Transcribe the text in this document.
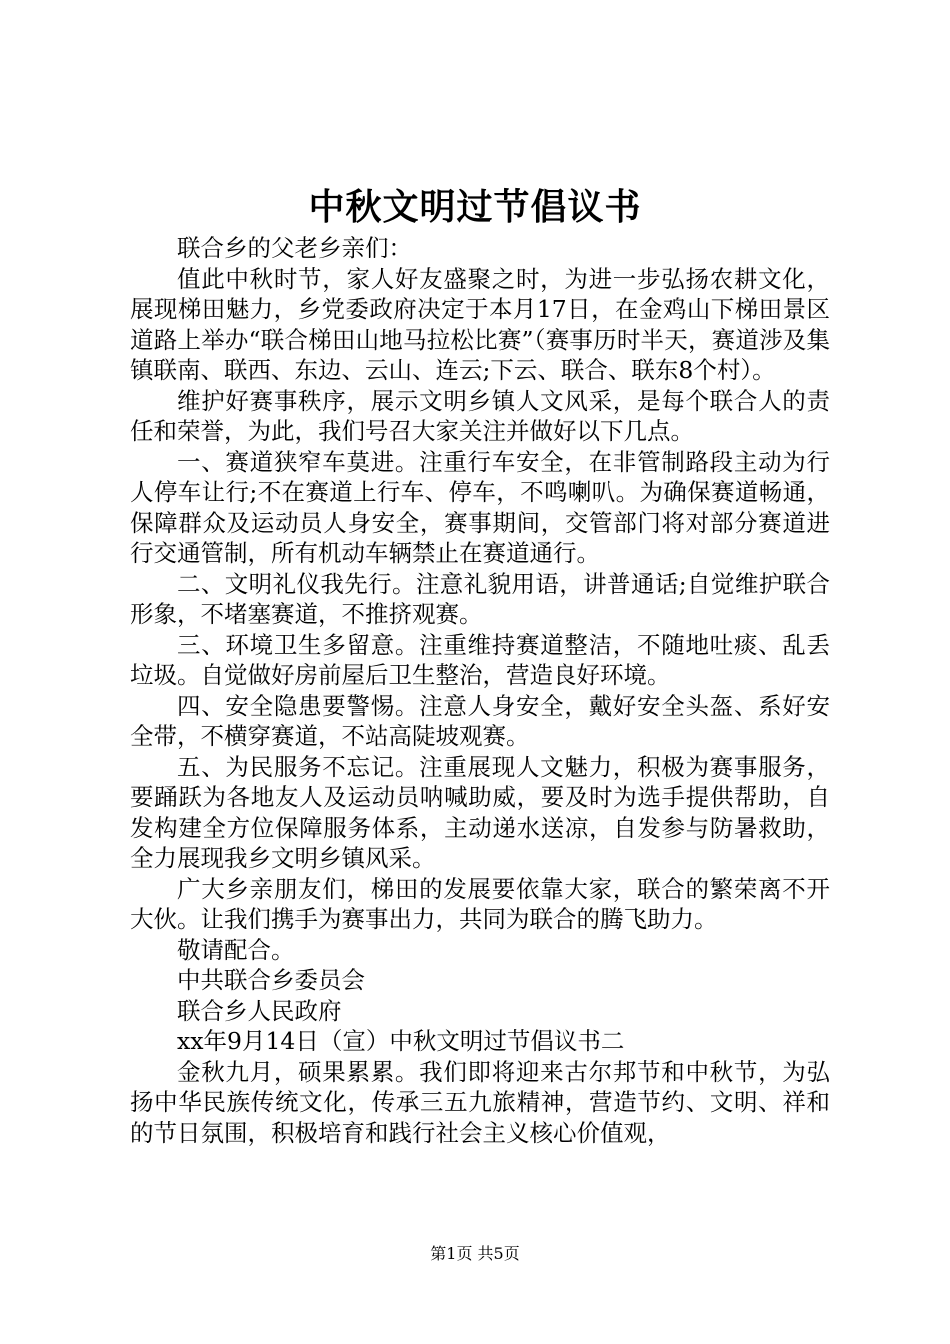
中秋文明过节倡议书

联合乡的父老乡亲们：

值此中秋时节，家人好友盛聚之时，为进一步弘扬农耕文化，展现梯田魅力，乡党委政府决定于本月17日，在金鸡山下梯田景区道路上举办“联合梯田山地马拉松比赛”（赛事历时半天，赛道涉及集镇联南、联西、东边、云山、连云;下云、联合、联东8个村）。

维护好赛事秩序，展示文明乡镇人文风采，是每个联合人的责任和荣誉，为此，我们号召大家关注并做好以下几点。

一、赛道狭窄车莫进。注重行车安全，在非管制路段主动为行人停车让行;不在赛道上行车、停车，不鸣喇叭。为确保赛道畅通，保障群众及运动员人身安全，赛事期间，交管部门将对部分赛道进行交通管制，所有机动车辆禁止在赛道通行。

二、文明礼仪我先行。注意礼貌用语，讲普通话;自觉维护联合形象，不堵塞赛道，不推挤观赛。

三、环境卫生多留意。注重维持赛道整洁，不随地吐痰、乱丢垃圾。自觉做好房前屋后卫生整治，营造良好环境。

四、安全隐患要警惕。注意人身安全，戴好安全头盔、系好安全带，不横穿赛道，不站高陡坡观赛。

五、为民服务不忘记。注重展现人文魅力，积极为赛事服务，要踊跃为各地友人及运动员呐喊助威，要及时为选手提供帮助，自发构建全方位保障服务体系，主动递水送凉，自发参与防暑救助，全力展现我乡文明乡镇风采。

广大乡亲朋友们，梯田的发展要依靠大家，联合的繁荣离不开大伙。让我们携手为赛事出力，共同为联合的腾飞助力。

敬请配合。

中共联合乡委员会

联合乡人民政府

xx年9月14日（宣）中秋文明过节倡议书二

金秋九月，硕果累累。我们即将迎来古尔邦节和中秋节，为弘扬中华民族传统文化，传承三五九旅精神，营造节约、文明、祥和的节日氛围，积极培育和践行社会主义核心价值观，

第1页 共5页
